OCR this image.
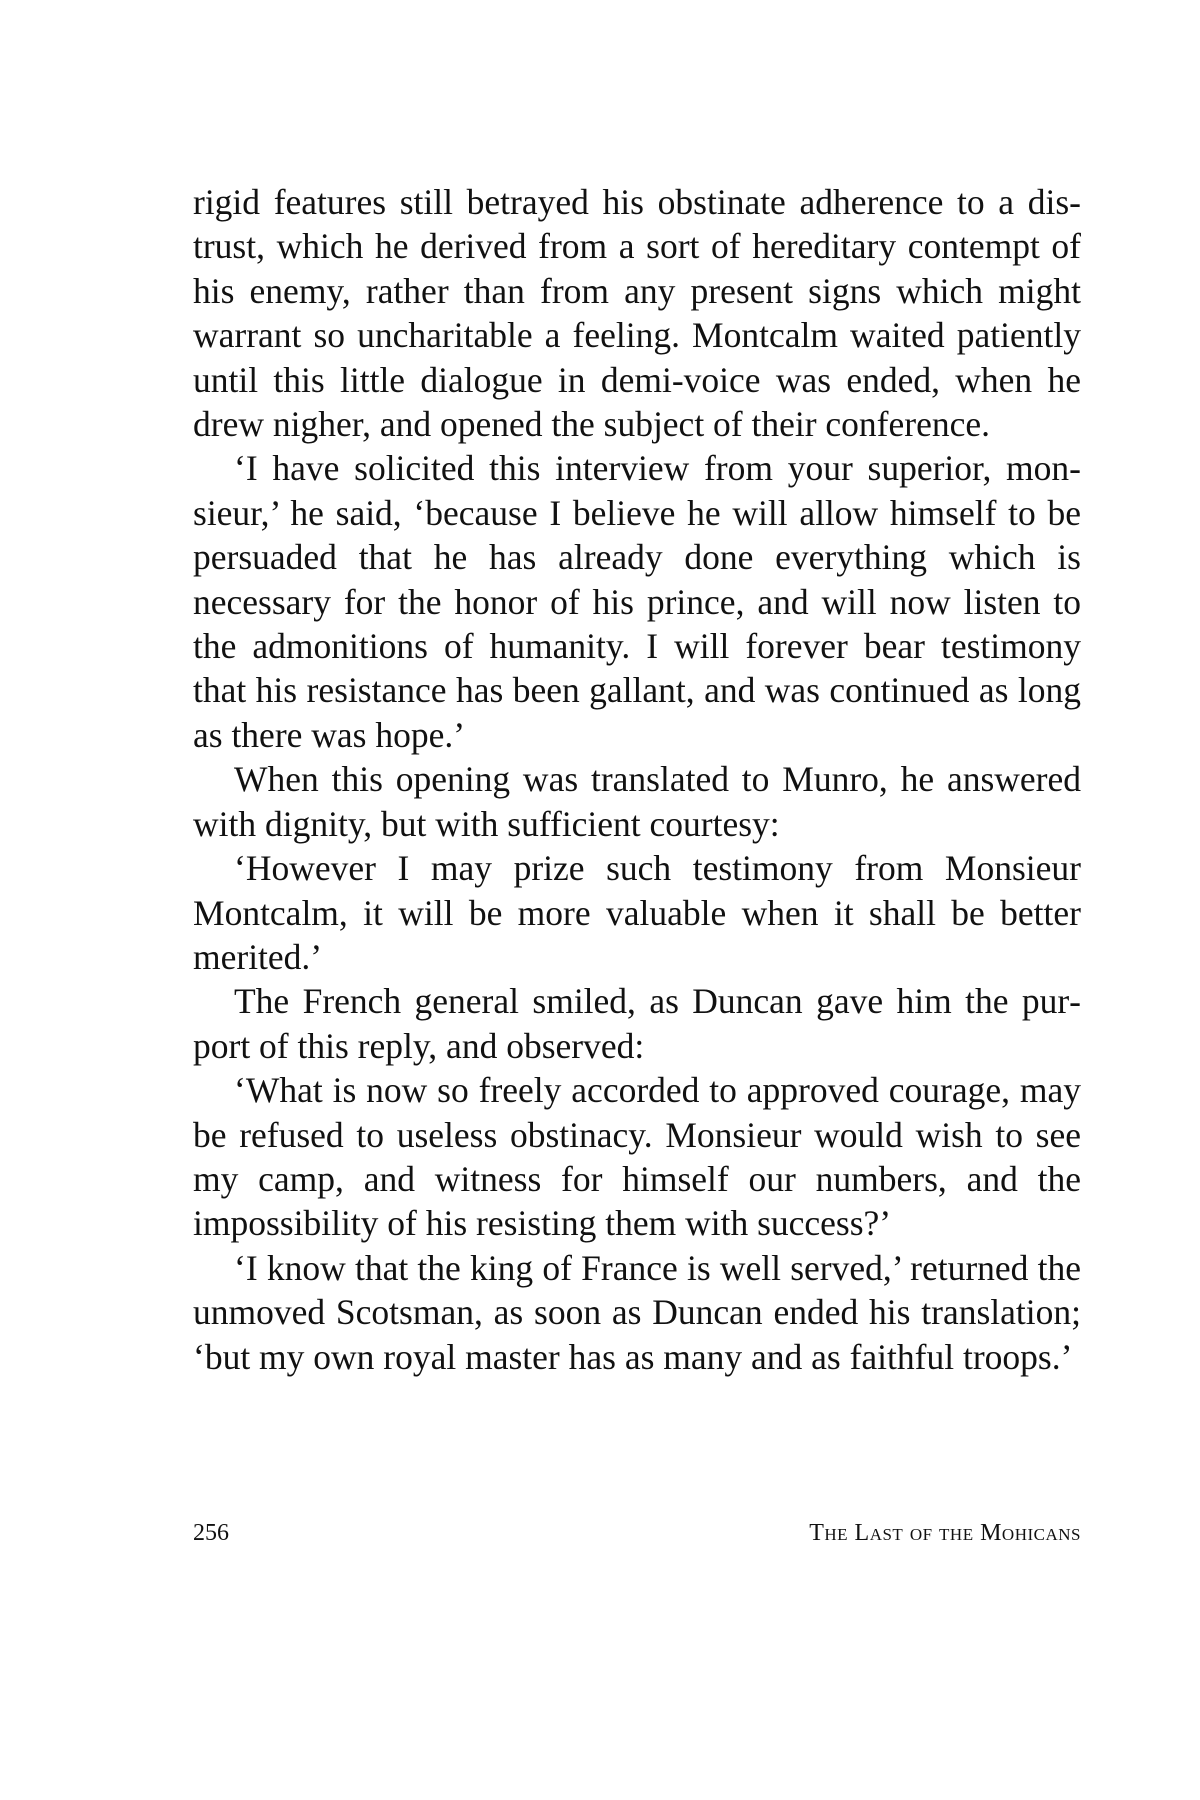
rigid features still betrayed his obstinate adherence to a distrust, which he derived from a sort of hereditary contempt of his enemy, rather than from any present signs which might warrant so uncharitable a feeling. Montcalm waited patiently until this little dialogue in demi-voice was ended, when he drew nigher, and opened the subject of their conference.

‘I have solicited this interview from your superior, monsieur,’ he said, ‘because I believe he will allow himself to be persuaded that he has already done everything which is necessary for the honor of his prince, and will now listen to the admonitions of humanity. I will forever bear testimony that his resistance has been gallant, and was continued as long as there was hope.’

When this opening was translated to Munro, he answered with dignity, but with sufficient courtesy:

‘However I may prize such testimony from Monsieur Montcalm, it will be more valuable when it shall be better merited.’

The French general smiled, as Duncan gave him the purport of this reply, and observed:

‘What is now so freely accorded to approved courage, may be refused to useless obstinacy. Monsieur would wish to see my camp, and witness for himself our numbers, and the impossibility of his resisting them with success?’

‘I know that the king of France is well served,’ returned the unmoved Scotsman, as soon as Duncan ended his translation; ‘but my own royal master has as many and as faithful troops.’

256	The Last of the Mohicans
